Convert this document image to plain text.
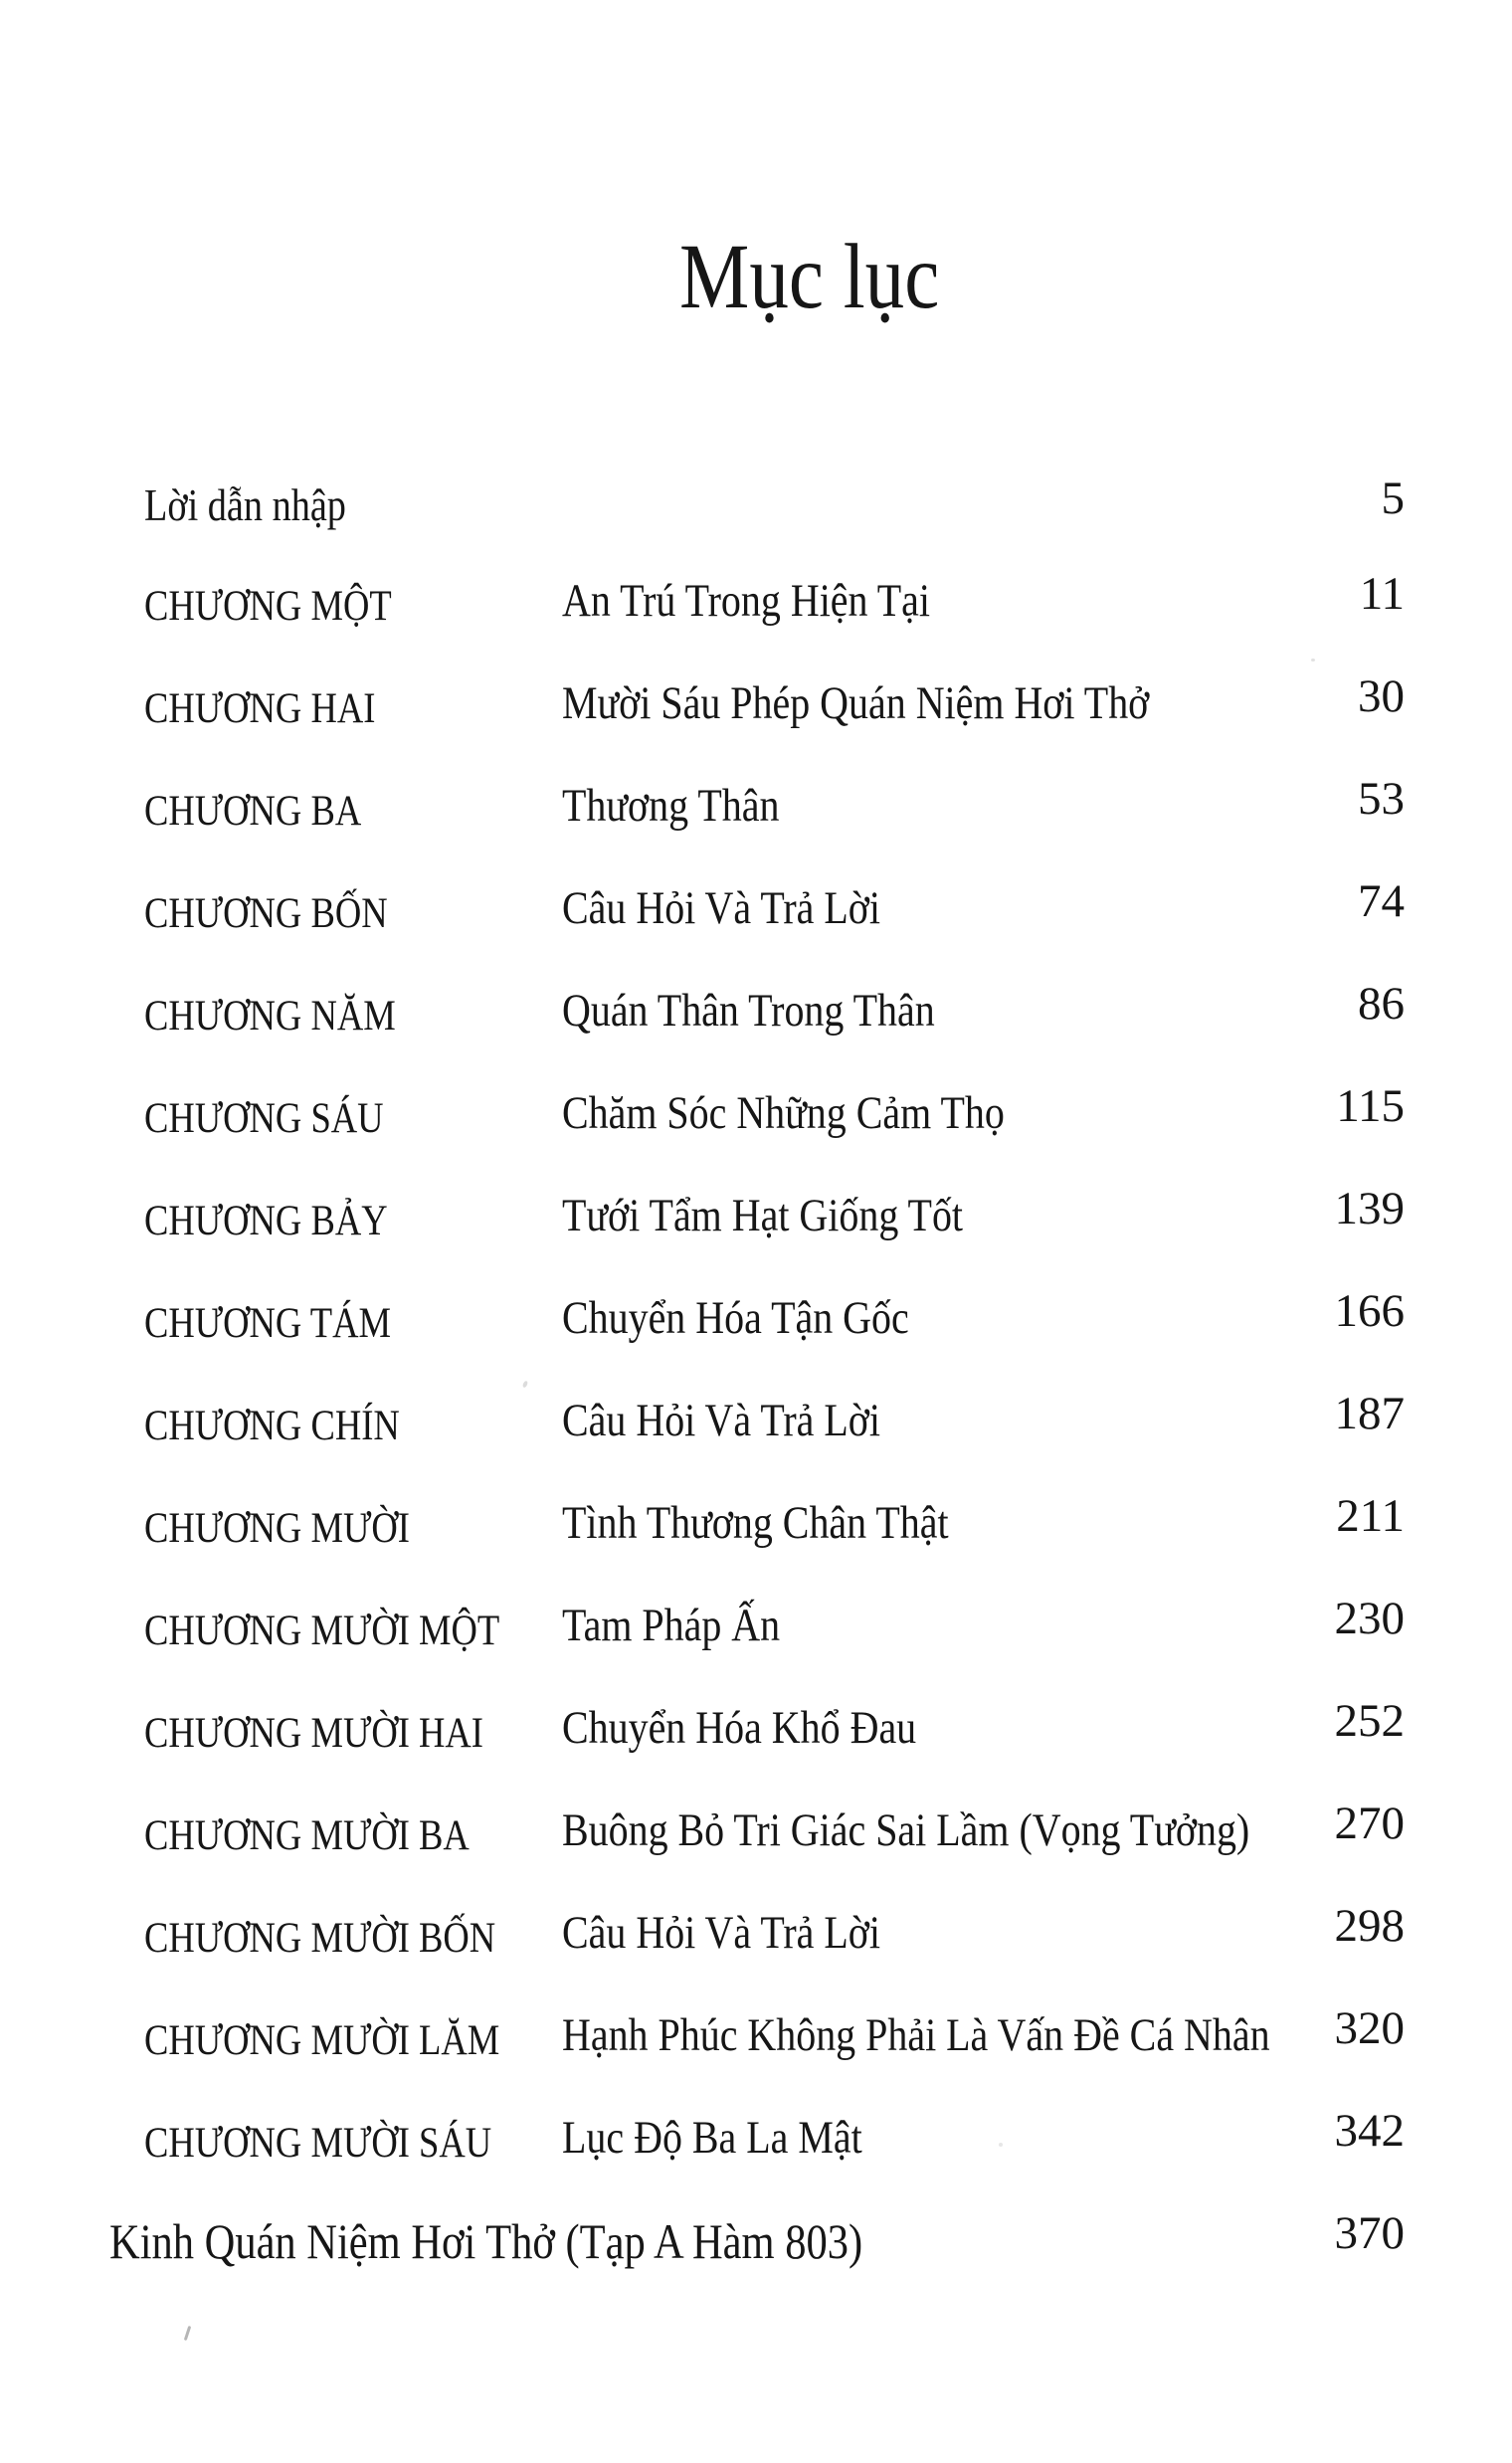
Mục lục
Lời dẫn nhập	5
CHƯƠNG MỘT	An Trú Trong Hiện Tại	11
CHƯƠNG HAI	Mười Sáu Phép Quán Niệm Hơi Thở	30
CHƯƠNG BA	Thương Thân	53
CHƯƠNG BỐN	Câu Hỏi Và Trả Lời	74
CHƯƠNG NĂM	Quán Thân Trong Thân	86
CHƯƠNG SÁU	Chăm Sóc Những Cảm Thọ	115
CHƯƠNG BẢY	Tưới Tẩm Hạt Giống Tốt	139
CHƯƠNG TÁM	Chuyển Hóa Tận Gốc	166
CHƯƠNG CHÍN	Câu Hỏi Và Trả Lời	187
CHƯƠNG MƯỜI	Tình Thương Chân Thật	211
CHƯƠNG MƯỜI MỘT	Tam Pháp Ấn	230
CHƯƠNG MƯỜI HAI	Chuyển Hóa Khổ Đau	252
CHƯƠNG MƯỜI BA	Buông Bỏ Tri Giác Sai Lầm (Vọng Tưởng)	270
CHƯƠNG MƯỜI BỐN	Câu Hỏi Và Trả Lời	298
CHƯƠNG MƯỜI LĂM	Hạnh Phúc Không Phải Là Vấn Đề Cá Nhân	320
CHƯƠNG MƯỜI SÁU	Lục Độ Ba La Mật	342
Kinh Quán Niệm Hơi Thở (Tạp A Hàm 803)	370
